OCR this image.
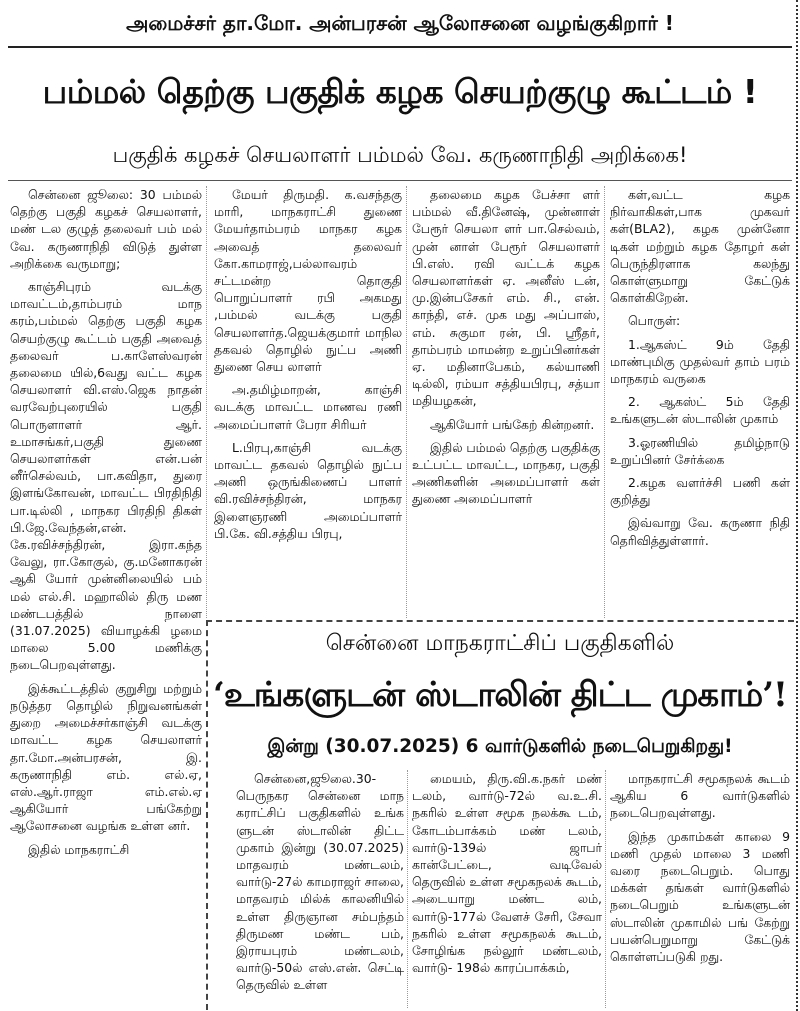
அமைச்சர் தா.மோ. அன்பரசன் ஆலோசனை வழங்குகிறார் !
பம்மல் தெற்கு பகுதிக் கழக செயற்குழு கூட்டம் !
பகுதிக் கழகச் செயலாளர் பம்மல் வே. கருணாநிதி அறிக்கை!

சென்னை ஜூலை: 30 பம்மல் தெற்கு பகுதி கழகச் செயலாளர், மண் டல குழுத் தலைவர் பம் மல் வே. கருணாநிதி விடுத் துள்ள அறிக்கை வருமாறு;

காஞ்சிபுரம் வடக்கு மாவட்டம்,தாம்பரம் மாந கரம்,பம்மல் தெற்கு பகுதி கழக செயற்குழு கூட்டம் பகுதி அவைத் தலைவர் ப.காளேஸ்வரன் தலைமை யில்,6வது வட்ட கழக செயலாளர் வி.எஸ்.ஜெக நாதன் வரவேற்புரையில் பகுதி பொருளாளர் ஆர். உமாசங்கர்,பகுதி துணை செயலாளர்கள் என்.பன் னீர்செல்வம், பா.கவிதா, துரை இளங்கோவன், மாவட்ட பிரதிநிதி பா.டில்லி , மாநகர பிரதிநி திகள் பி.ஜே.வேந்தன்,என். கே.ரவிச்சந்திரன், இரா.கந்த வேலு, ரா.கோகுல், கு.மனோகரன் ஆகி யோர் முன்னிலையில் பம் மல் எல்.சி. மஹாலில் திரு மண மண்டபத்தில் நாளை (31.07.2025) வியாழக்கி ழமை மாலை 5.00 மணிக்கு நடைபெறவுள்ளது.

இக்கூட்டத்தில் குறுசிறு மற்றும் நடுத்தர தொழில் நிறுவனங்கள் துறை அமைச்சர்காஞ்சி வடக்கு மாவட்ட கழக செயலாளர் தா.மோ.அன்பரசன், இ. கருணாநிதி எம். எல்.ஏ, எஸ்.ஆர்.ராஜா எம்.எல்.ஏ ஆகியோர் பங்கேற்று ஆலோசனை வழங்க உள்ள னர்.

இதில் மாநகராட்சி

மேயர் திருமதி. க.வசந்தகு மாரி, மாநகராட்சி துணை மேயர்தாம்பரம் மாநகர கழக அவைத் தலைவர் கோ.காமராஜ்,பல்லாவரம் சட்டமன்ற தொகுதி பொறுப்பாளர் ரபி அகமது ,பம்மல் வடக்கு பகுதி செயலாளர்த.ஜெயக்குமார் மாநில தகவல் தொழில் நுட்ப அணி துணை செய லாளர்

அ.தமிழ்மாறன், காஞ்சி வடக்கு மாவட்ட மாணவ ரணி அமைப்பாளர் பேரா சிரியர்

L.பிரபு,காஞ்சி வடக்கு மாவட்ட தகவல் தொழில் நுட்ப அணி ஒருங்கிணைப் பாளர் வி.ரவிச்சந்திரன், மாநகர இளைஞரணி அமைப்பாளர் பி.கே. வி.சத்திய பிரபு,

தலைமை கழக பேச்சா ளர் பம்மல் வீ.தினேஷ், முன்னாள் பேரூர் செயலா ளர் பா.செல்வம், முன் னாள் பேரூர் செயலாளர் பி.எஸ். ரவி வட்டக் கழக செயலாளர்கள் ஏ. அனீஸ் டன், மு.இன்பசேகர் எம். சி., என். காந்தி, எச். முக மது அப்பாஸ், எம். சுகுமா ரன், பி. ஸ்ரீதர், தாம்பரம் மாமன்ற உறுப்பினர்கள் ஏ. மதினாபேகம், கல்யாணி டில்லி, ரம்யா சத்தியபிரபு, சத்யா மதியழகன்,

ஆகியோர் பங்கேற் கின்றனர்.

இதில் பம்மல் தெற்கு பகுதிக்கு உட்பட்ட மாவட்ட, மாநகர, பகுதி அணிகளின் அமைப்பாளர் கள் துணை அமைப்பாளர்

கள்,வட்ட கழக நிர்வாகிகள்,பாக முகவர் கள்(BLA2), கழக முன்னோ டிகள் மற்றும் கழக தோழர் கள் பெருந்திரளாக கலந்து கொள்ளுமாறு கேட்டுக் கொள்கிறேன்.

பொருள்:

1.ஆகஸ்ட் 9ம் தேதி மாண்புமிகு முதல்வர் தாம் பரம் மாநகரம் வருகை

2. ஆகஸ்ட் 5ம் தேதி உங்களுடன் ஸ்டாலின் முகாம்

3.ஓரணியில் தமிழ்நாடு உறுப்பினர் சேர்க்கை

2.கழக வளர்ச்சி பணி கள் குறித்து

இவ்வாறு வே. கருணா நிதி தெரிவித்துள்ளார்.

சென்னை மாநகராட்சிப் பகுதிகளில்
‘உங்களுடன் ஸ்டாலின் திட்ட முகாம்’!
இன்று (30.07.2025) 6 வார்டுகளில் நடைபெறுகிறது!

சென்னை,ஜூலை.30- பெருநகர சென்னை மாந கராட்சிப் பகுதிகளில் உங்க ளுடன் ஸ்டாலின் திட்ட முகாம் இன்று (30.07.2025) மாதவரம் மண்டலம், வார்டு-27ல் காமராஜர் சாலை, மாதவரம் மில்க் காலனியில் உள்ள திருஞான சம்பந்தம் திருமண மண்ட பம், இராயபுரம் மண்டலம், வார்டு-50ல் எஸ்.என். செட்டி தெருவில் உள்ள

மையம், திரு.வி.க.நகர் மண் டலம், வார்டு-72ல் வ.உ.சி. நகரில் உள்ள சமூக நலக்கூ டம், கோடம்பாக்கம் மண் டலம், வார்டு-139ல் ஜாபர் கான்பேட்டை, வடிவேல் தெருவில் உள்ள சமூகநலக் கூடம், அடையாறு மண்ட லம், வார்டு-177ல் வேளச் சேரி, சேவா நகரில் உள்ள சமூகநலக் கூடம், சோழிங்க நல்லூர் மண்டலம், வார்டு- 198ல் காரப்பாக்கம்,

மாநகராட்சி சமூகநலக் கூடம் ஆகிய 6 வார்டுகளில் நடைபெறவுள்ளது.

இந்த முகாம்கள் காலை 9 மணி முதல் மாலை 3 மணி வரை நடைபெறும். பொது மக்கள் தங்கள் வார்டுகளில் நடைபெறும் உங்களுடன் ஸ்டாலின் முகாமில் பங் கேற்று பயன்பெறுமாறு கேட்டுக் கொள்ளப்படுகி றது.
